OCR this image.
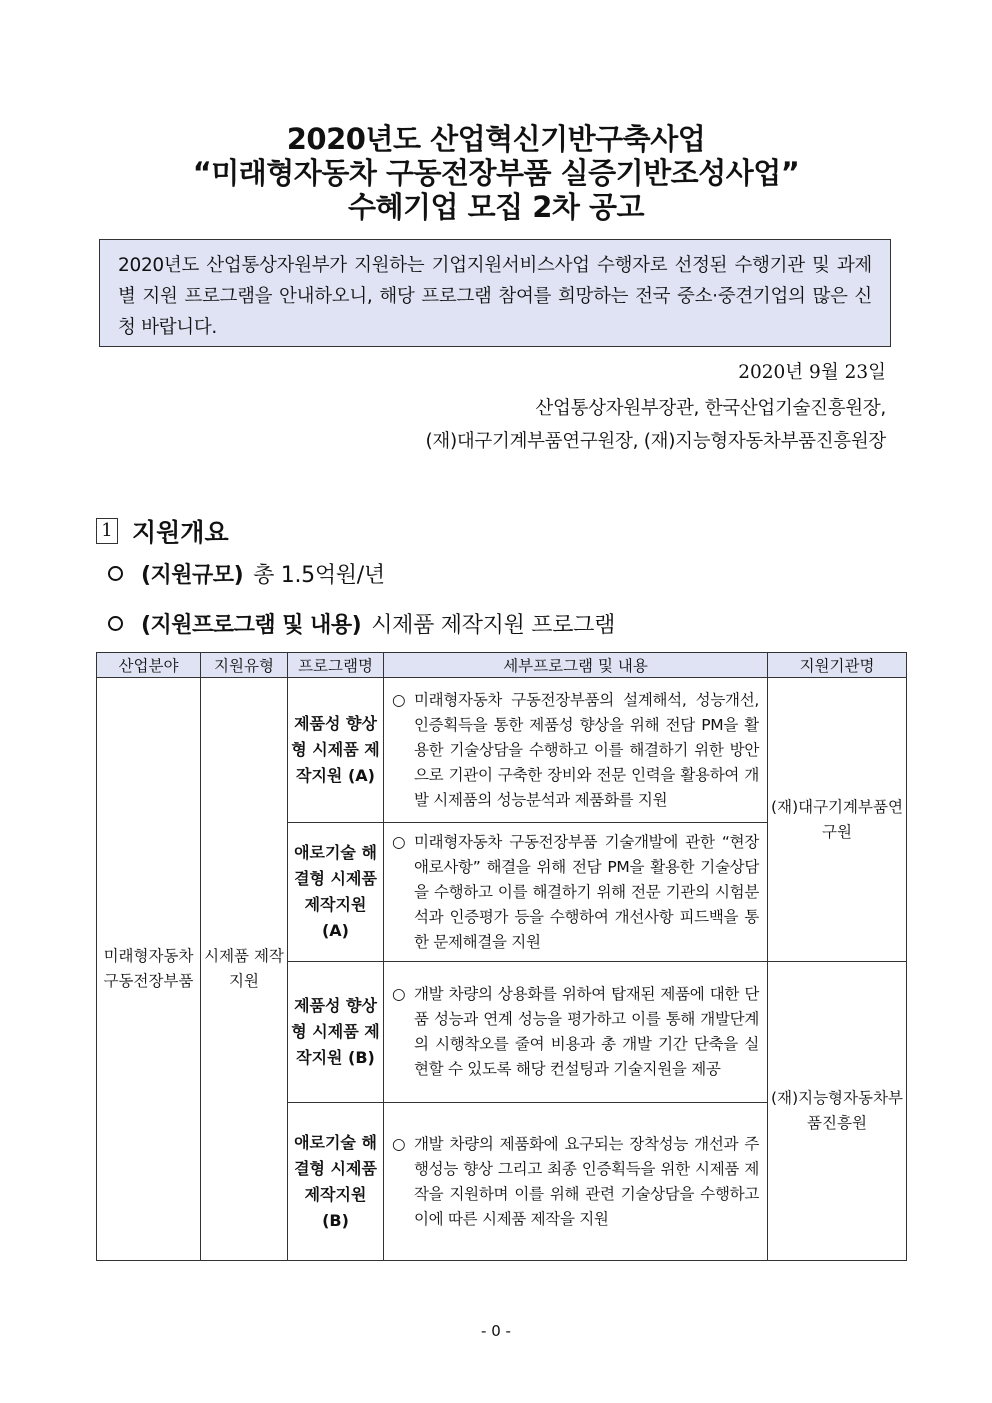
2020년도 산업혁신기반구축사업
“미래형자동차 구동전장부품 실증기반조성사업”
수혜기업 모집 2차 공고
2020년도 산업통상자원부가 지원하는 기업지원서비스사업 수행자로 선정된 수행기관 및 과제별 지원 프로그램을 안내하오니, 해당 프로그램 참여를 희망하는 전국 중소·중견기업의 많은 신청 바랍니다.
2020년 9월 23일
산업통상자원부장관, 한국산업기술진흥원장,
(재)대구기계부품연구원장, (재)지능형자동차부품진흥원장
1 지원개요
(지원규모) 총 1.5억원/년
(지원프로그램 및 내용) 시제품 제작지원 프로그램
산업분야	지원유형	프로그램명	세부프로그램 및 내용	지원기관명
미래형자동차 구동전장부품	시제품 제작지원	제품성 향상형 시제품 제작지원 (A)	○ 미래형자동차 구동전장부품의 설계해석, 성능개선, 인증획득을 통한 제품성 향상을 위해 전담 PM을 활용한 기술상담을 수행하고 이를 해결하기 위한 방안으로 기관이 구축한 장비와 전문 인력을 활용하여 개발 시제품의 성능분석과 제품화를 지원	(재)대구기계부품연구원
		애로기술 해결형 시제품 제작지원 (A)	○ 미래형자동차 구동전장부품 기술개발에 관한 “현장 애로사항” 해결을 위해 전담 PM을 활용한 기술상담을 수행하고 이를 해결하기 위해 전문 기관의 시험분석과 인증평가 등을 수행하여 개선사항 피드백을 통한 문제해결을 지원	

		제품성 향상형 시제품 제작지원 (B)	○ 개발 차량의 상용화를 위하여 탑재된 제품에 대한 단품 성능과 연계 성능을 평가하고 이를 통해 개발단계의 시행착오를 줄여 비용과 총 개발 기간 단축을 실현할 수 있도록 해당 컨설팅과 기술지원을 제공	(재)지능형자동차부품진흥원
		애로기술 해결형 시제품 제작지원 (B)	○ 개발 차량의 제품화에 요구되는 장착성능 개선과 주행성능 향상 그리고 최종 인증획득을 위한 시제품 제작을 지원하며 이를 위해 관련 기술상담을 수행하고 이에 따른 시제품 제작을 지원	
- 0 -
